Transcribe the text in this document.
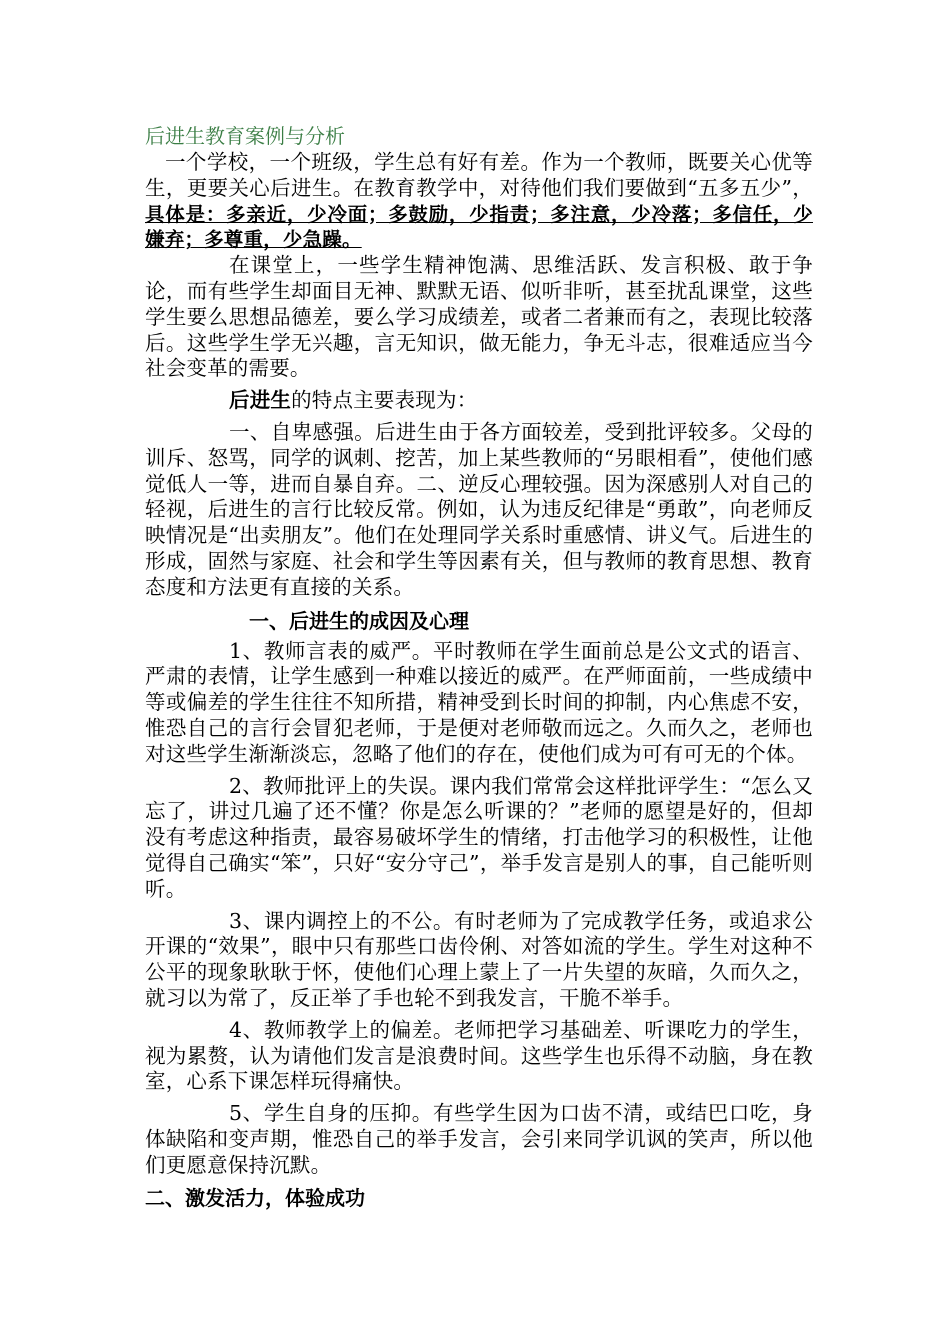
后进生教育案例与分析

一个学校，一个班级，学生总有好有差。作为一个教师，既要关心优等生，更要关心后进生。在教育教学中，对待他们我们要做到“五多五少”，具体是：多亲近，少冷面；多鼓励，少指责；多注意，少冷落；多信任，少嫌弃；多尊重，少急躁。

在课堂上，一些学生精神饱满、思维活跃、发言积极、敢于争论，而有些学生却面目无神、默默无语、似听非听，甚至扰乱课堂，这些学生要么思想品德差，要么学习成绩差，或者二者兼而有之，表现比较落后。这些学生学无兴趣，言无知识，做无能力，争无斗志，很难适应当今社会变革的需要。

后进生的特点主要表现为：

一、自卑感强。后进生由于各方面较差，受到批评较多。父母的训斥、怒骂，同学的讽刺、挖苦，加上某些教师的“另眼相看”，使他们感觉低人一等，进而自暴自弃。二、逆反心理较强。因为深感别人对自己的轻视，后进生的言行比较反常。例如，认为违反纪律是“勇敢”，向老师反映情况是“出卖朋友”。他们在处理同学关系时重感情、讲义气。后进生的形成，固然与家庭、社会和学生等因素有关，但与教师的教育思想、教育态度和方法更有直接的关系。

一、后进生的成因及心理

1、教师言表的威严。平时教师在学生面前总是公文式的语言、严肃的表情，让学生感到一种难以接近的威严。在严师面前，一些成绩中等或偏差的学生往往不知所措，精神受到长时间的抑制，内心焦虑不安，惟恐自己的言行会冒犯老师，于是便对老师敬而远之。久而久之，老师也对这些学生渐渐淡忘，忽略了他们的存在，使他们成为可有可无的个体。

2、教师批评上的失误。课内我们常常会这样批评学生：“怎么又忘了，讲过几遍了还不懂？你是怎么听课的？”老师的愿望是好的，但却没有考虑这种指责，最容易破坏学生的情绪，打击他学习的积极性，让他觉得自己确实“笨”，只好“安分守己”，举手发言是别人的事，自己能听则听。

3、课内调控上的不公。有时老师为了完成教学任务，或追求公开课的“效果”，眼中只有那些口齿伶俐、对答如流的学生。学生对这种不公平的现象耿耿于怀，使他们心理上蒙上了一片失望的灰暗，久而久之，就习以为常了，反正举了手也轮不到我发言，干脆不举手。

4、教师教学上的偏差。老师把学习基础差、听课吃力的学生，视为累赘，认为请他们发言是浪费时间。这些学生也乐得不动脑，身在教室，心系下课怎样玩得痛快。

5、学生自身的压抑。有些学生因为口齿不清，或结巴口吃，身体缺陷和变声期，惟恐自己的举手发言，会引来同学讥讽的笑声，所以他们更愿意保持沉默。

二、激发活力，体验成功
